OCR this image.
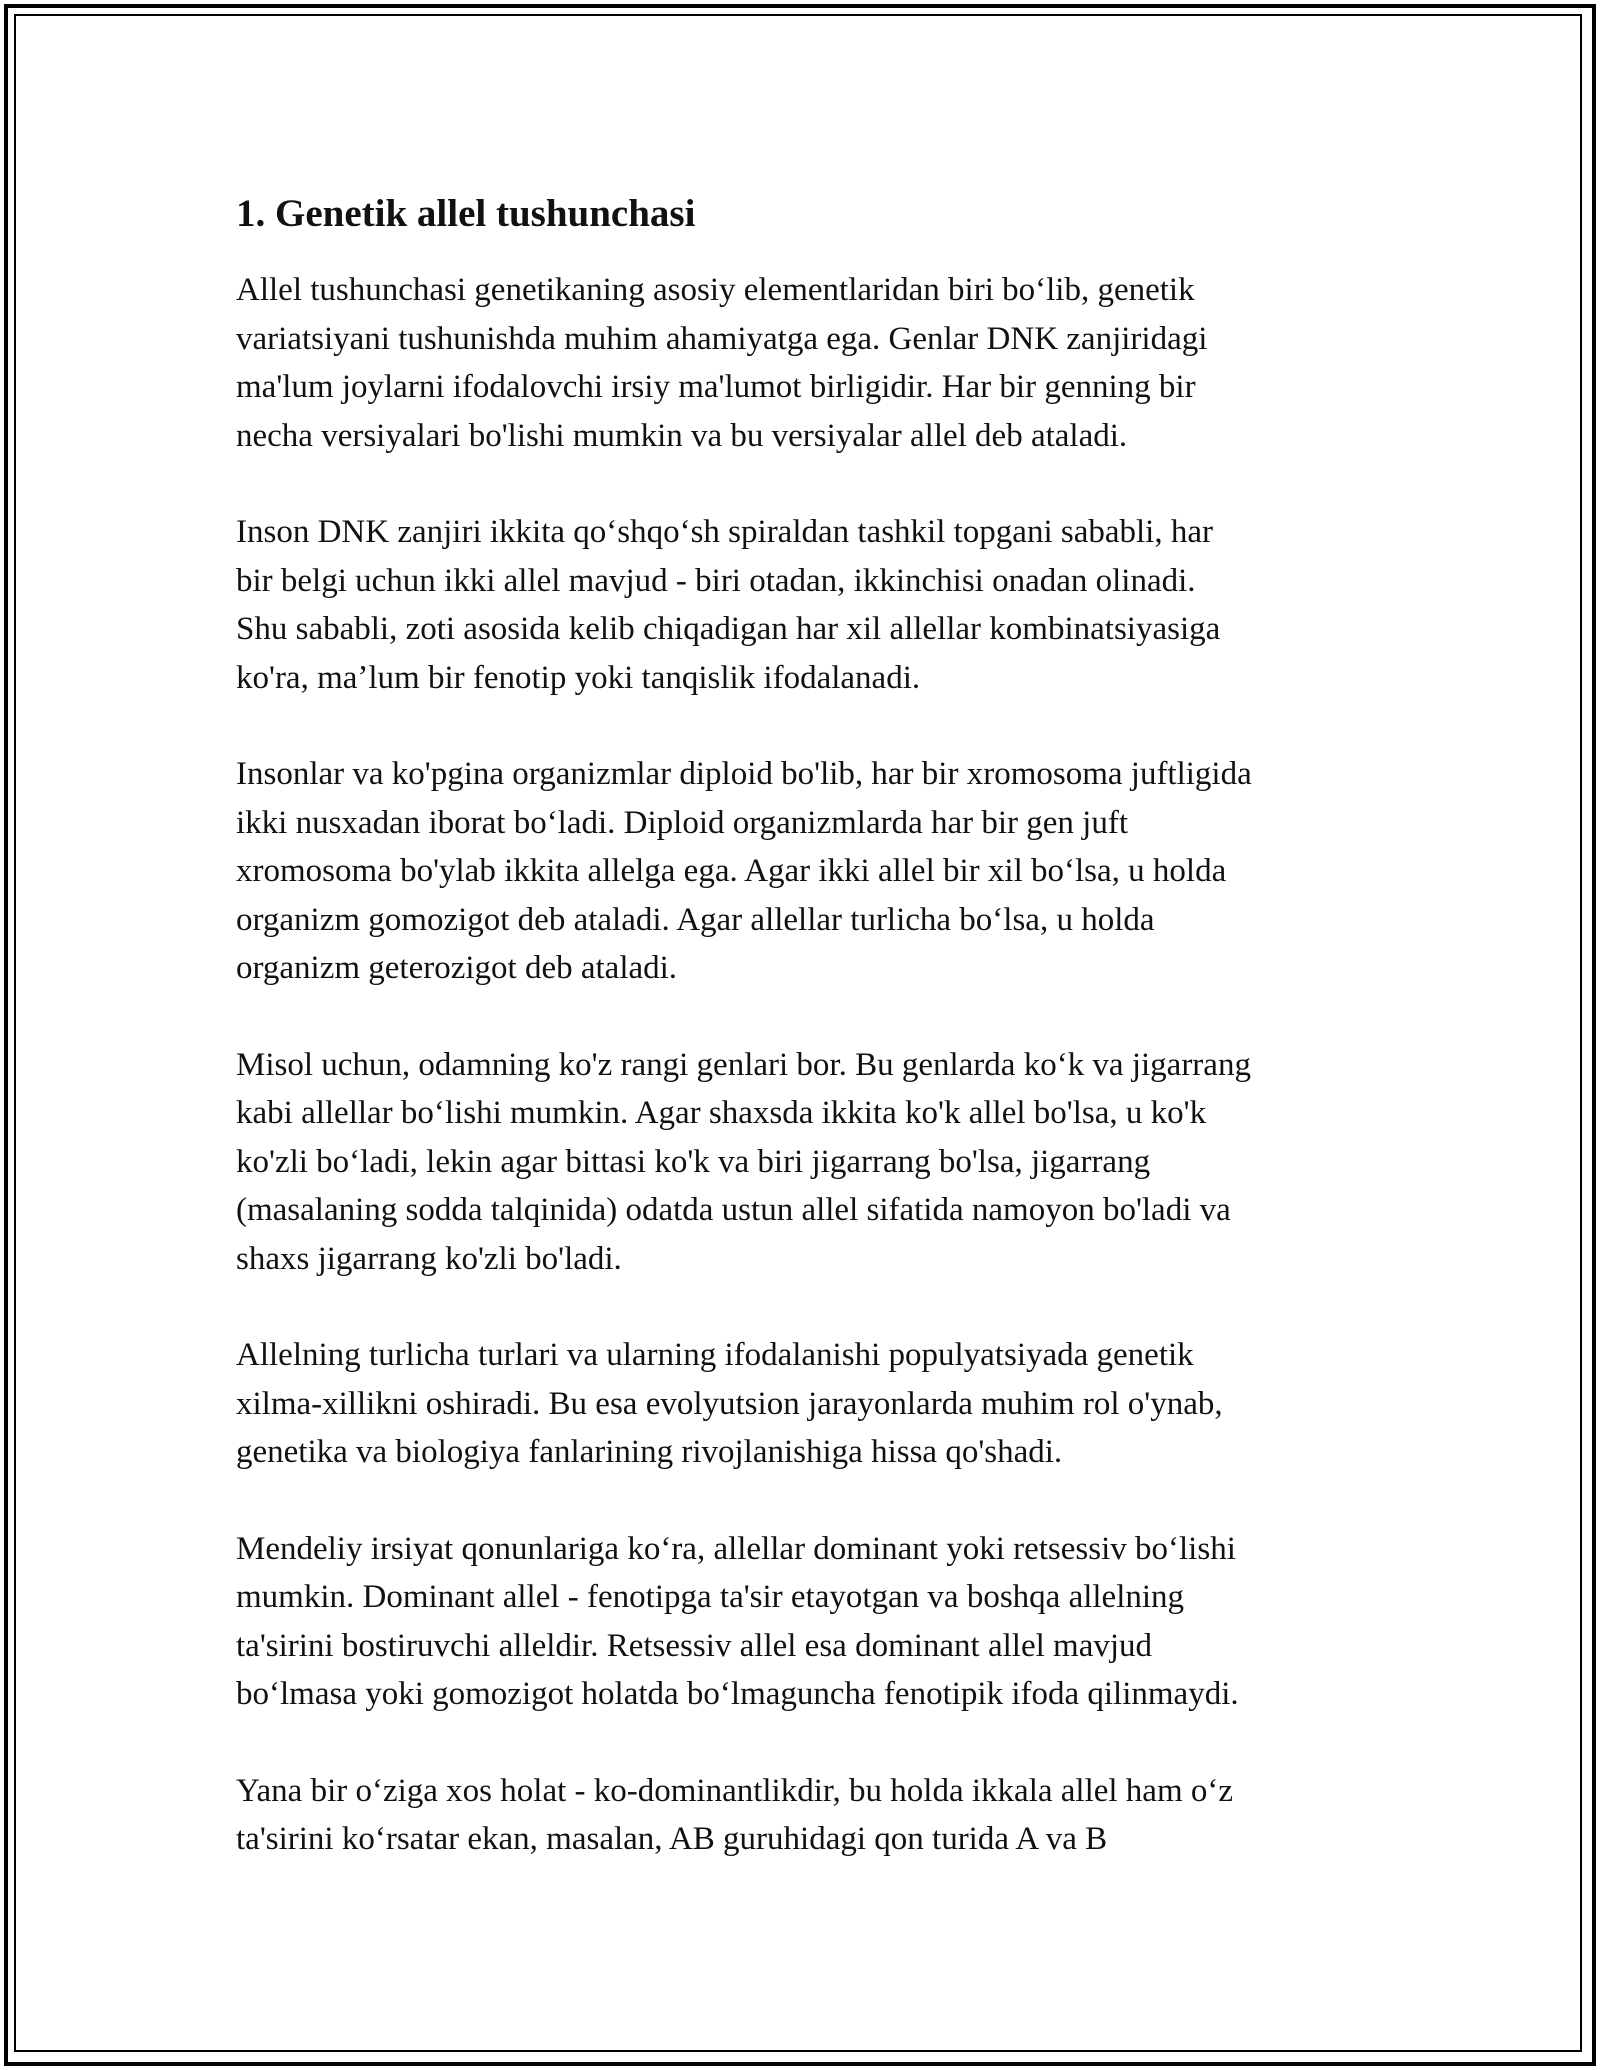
1. Genetik allel tushunchasi

Allel tushunchasi genetikaning asosiy elementlaridan biri boʻlib, genetik
variatsiyani tushunishda muhim ahamiyatga ega. Genlar DNK zanjiridagi
ma'lum joylarni ifodalovchi irsiy ma'lumot birligidir. Har bir genning bir
necha versiyalari bo'lishi mumkin va bu versiyalar allel deb ataladi.

Inson DNK zanjiri ikkita qoʻshqoʻsh spiraldan tashkil topgani sababli, har
bir belgi uchun ikki allel mavjud - biri otadan, ikkinchisi onadan olinadi.
Shu sababli, zoti asosida kelib chiqadigan har xil allellar kombinatsiyasiga
ko'ra, maʼlum bir fenotip yoki tanqislik ifodalanadi.

Insonlar va ko'pgina organizmlar diploid bo'lib, har bir xromosoma juftligida
ikki nusxadan iborat boʻladi. Diploid organizmlarda har bir gen juft
xromosoma bo'ylab ikkita allelga ega. Agar ikki allel bir xil boʻlsa, u holda
organizm gomozigot deb ataladi. Agar allellar turlicha boʻlsa, u holda
organizm geterozigot deb ataladi.

Misol uchun, odamning ko'z rangi genlari bor. Bu genlarda koʻk va jigarrang
kabi allellar boʻlishi mumkin. Agar shaxsda ikkita ko'k allel bo'lsa, u ko'k
ko'zli boʻladi, lekin agar bittasi ko'k va biri jigarrang bo'lsa, jigarrang
(masalaning sodda talqinida) odatda ustun allel sifatida namoyon bo'ladi va
shaxs jigarrang ko'zli bo'ladi.

Allelning turlicha turlari va ularning ifodalanishi populyatsiyada genetik
xilma-xillikni oshiradi. Bu esa evolyutsion jarayonlarda muhim rol o'ynab,
genetika va biologiya fanlarining rivojlanishiga hissa qo'shadi.

Mendeliy irsiyat qonunlariga koʻra, allellar dominant yoki retsessiv boʻlishi
mumkin. Dominant allel - fenotipga ta'sir etayotgan va boshqa allelning
ta'sirini bostiruvchi alleldir. Retsessiv allel esa dominant allel mavjud
boʻlmasa yoki gomozigot holatda boʻlmaguncha fenotipik ifoda qilinmaydi.

Yana bir oʻziga xos holat - ko-dominantlikdir, bu holda ikkala allel ham oʻz
ta'sirini koʻrsatar ekan, masalan, AB guruhidagi qon turida A va B
